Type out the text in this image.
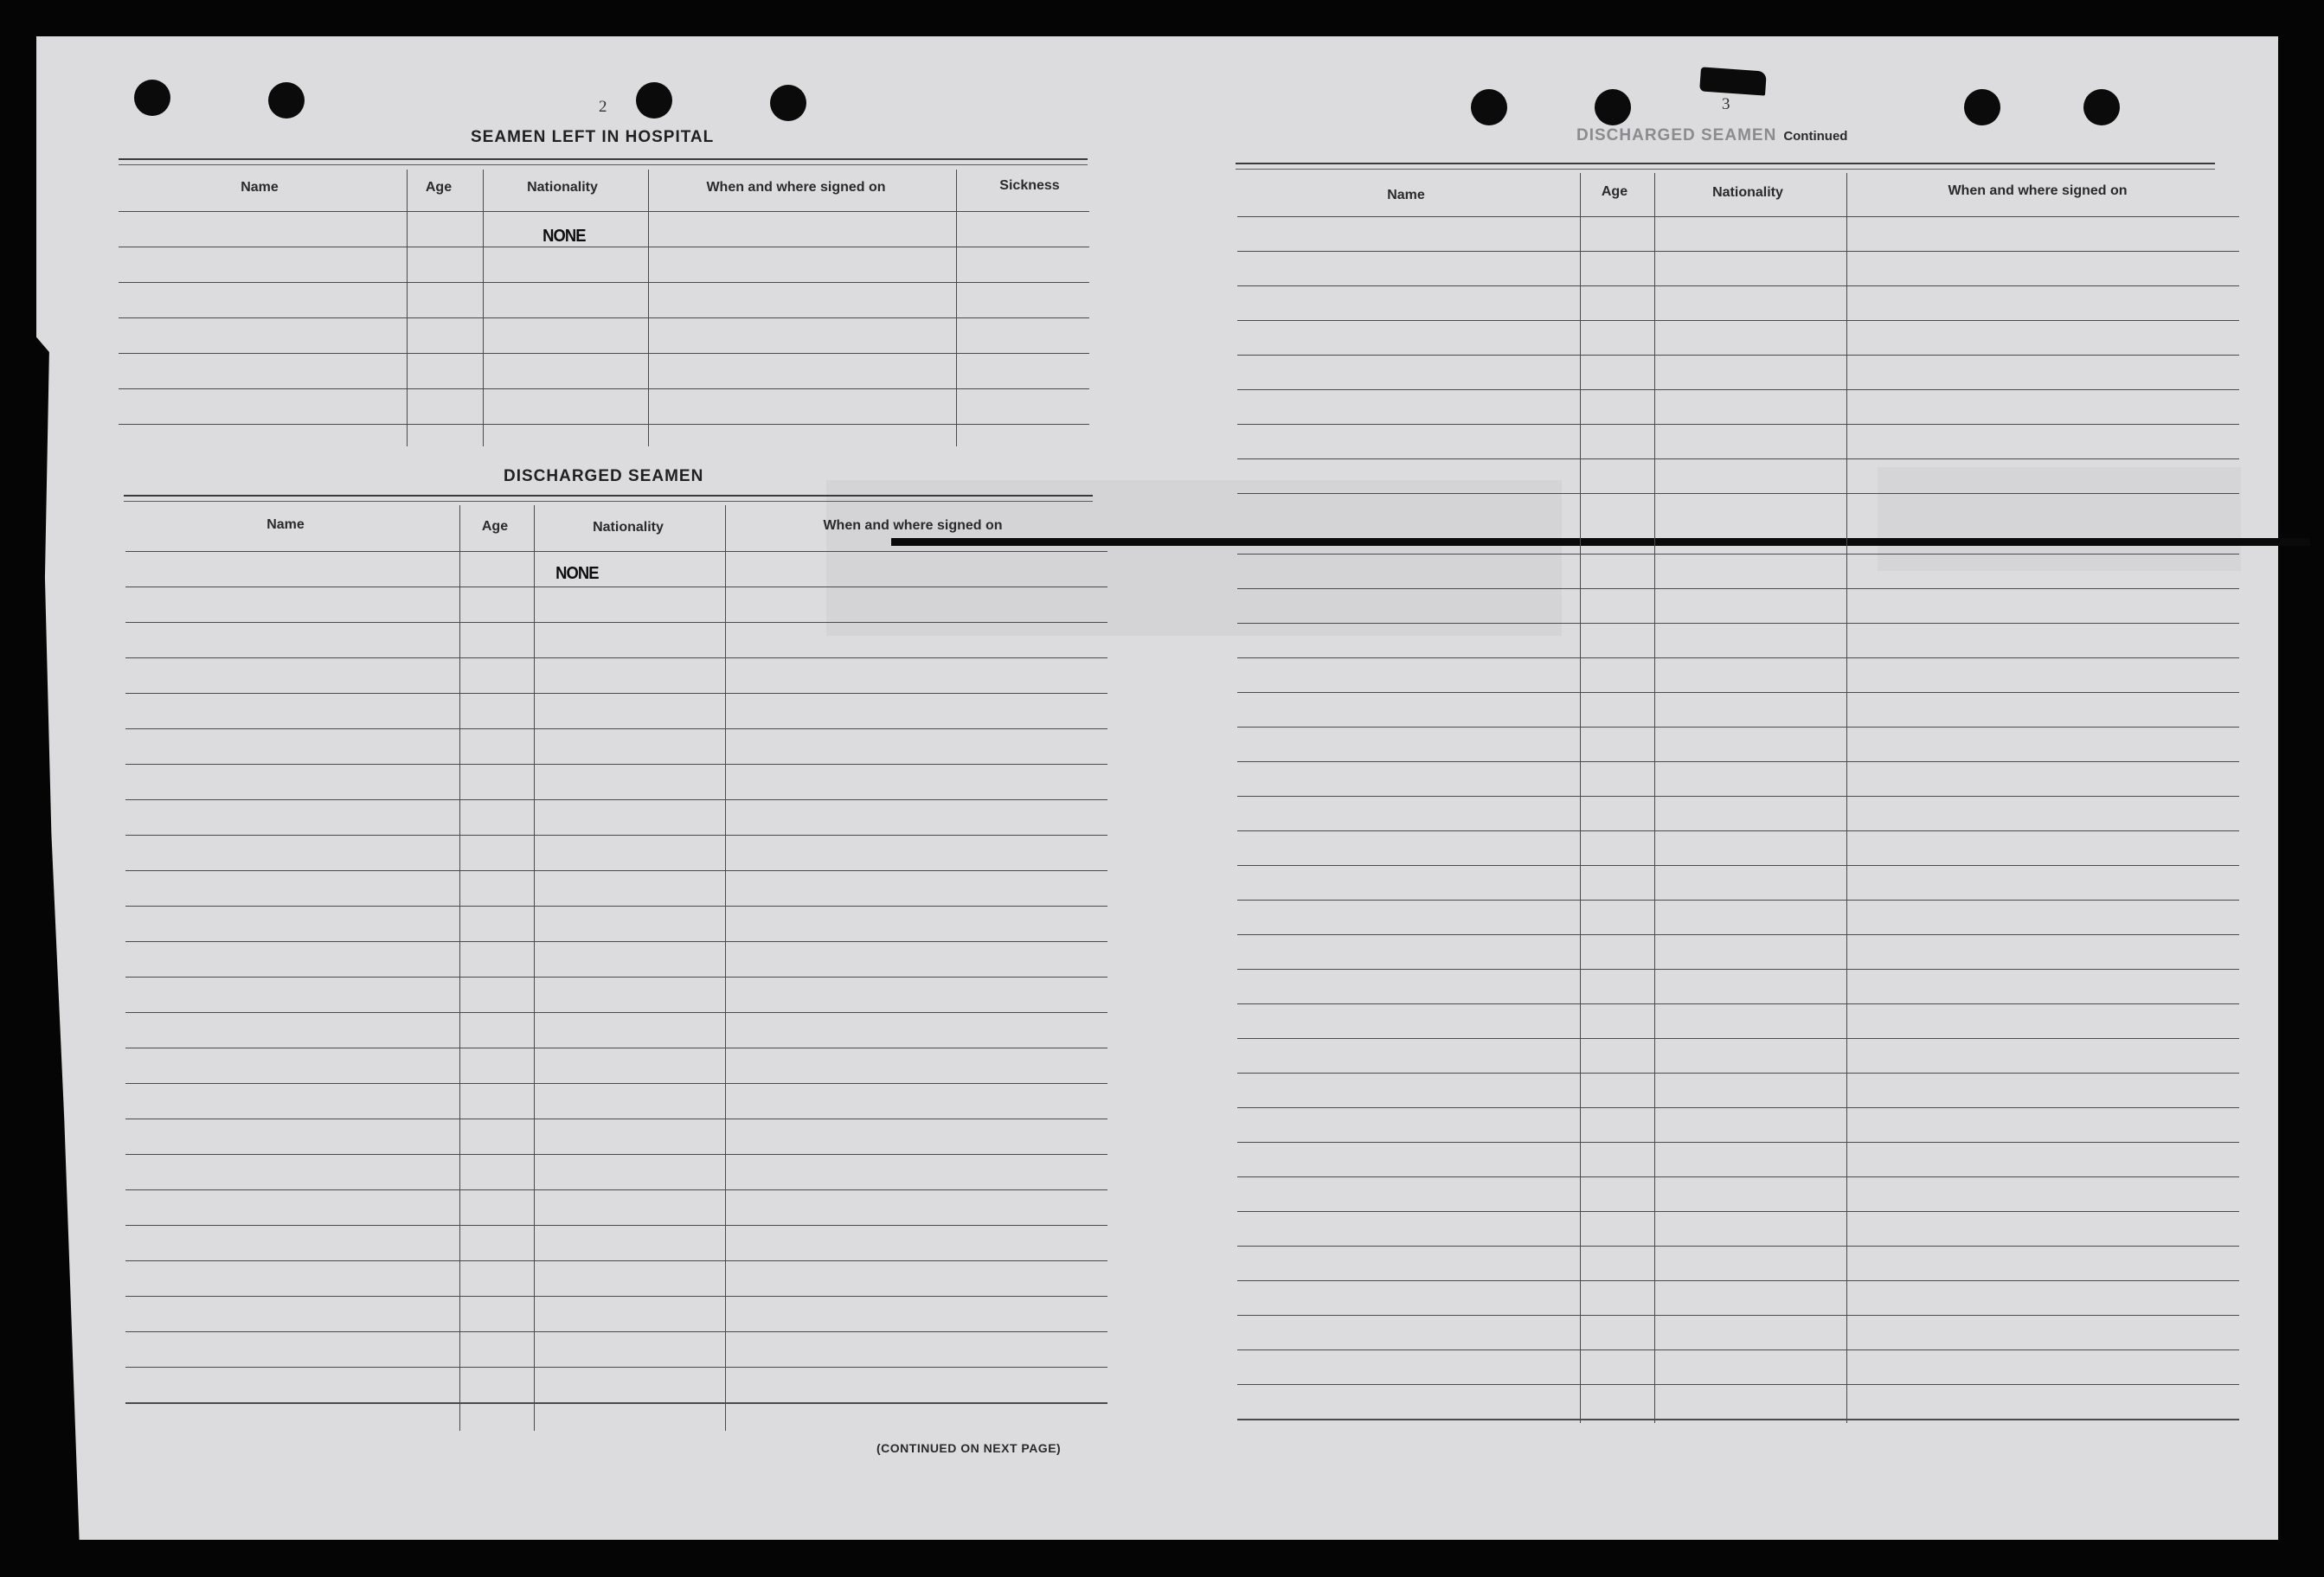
2	3
SEAMEN LEFT IN HOSPITAL
Name	Age	Nationality	When and where signed on	Sickness
NONE
DISCHARGED SEAMEN
Name	Age	Nationality	When and where signed on
NONE
(CONTINUED ON NEXT PAGE)
DISCHARGED SEAMEN Continued
Name	Age	Nationality	When and where signed on
